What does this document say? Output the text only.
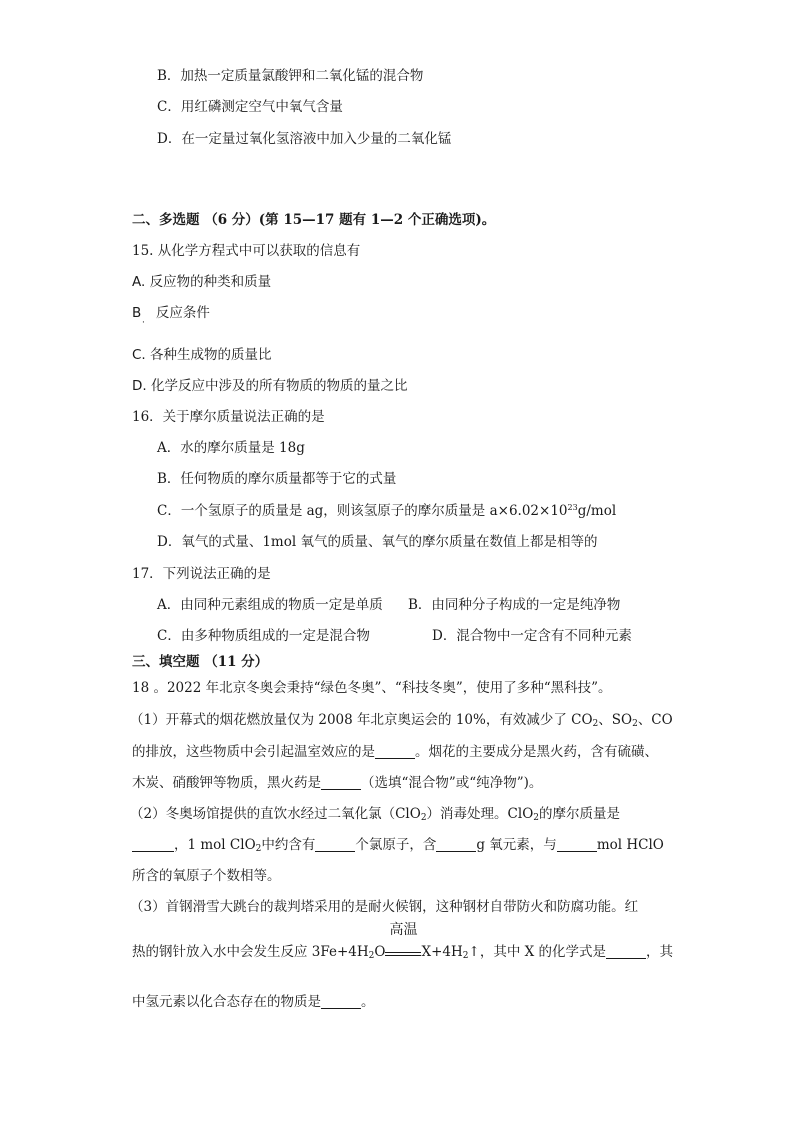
B．加热一定质量氯酸钾和二氧化锰的混合物
C．用红磷测定空气中氧气含量
D．在一定量过氧化氢溶液中加入少量的二氧化锰
二、多选题 （6 分）(第 15—17 题有 1—2 个正确选项)。
15. 从化学方程式中可以获取的信息有
A. 反应物的种类和质量
B 反应条件
·
C. 各种生成物的质量比
D. 化学反应中涉及的所有物质的物质的量之比
16．关于摩尔质量说法正确的是
A．水的摩尔质量是 18g
B．任何物质的摩尔质量都等于它的式量
C．一个氢原子的质量是 ag，则该氢原子的摩尔质量是 $a\times 6.02\times 10^{23}g$/mol
D．氧气的式量、1mol 氧气的质量、氧气的摩尔质量在数值上都是相等的
17．下列说法正确的是
A．由同种元素组成的物质一定是单质 B．由同种分子构成的一定是纯净物
C．由多种物质组成的一定是混合物	D．混合物中一定含有不同种元素
三、填空题 （11 分）
18 。2022 年北京冬奥会秉持“绿色冬奥”、“科技冬奥”，使用了多种“黑科技”。
（1）开幕式的烟花燃放量仅为 2008 年北京奥运会的 10%，有效减少了 $CO_2$、$SO_2$、CO
的排放，这些物质中会引起温室效应的是	。烟花的主要成分是黑火药，含有硫磺、
木炭、硝酸钾等物质，黑火药是	（选填“混合物”或“纯净物”)。
（2）冬奥场馆提供的直饮水经过二氧化氯（ClO$_2$）消毒处理。ClO$_2$的摩尔质量是
，1 mol ClO$_2$中约含有	个氯原子，含	g 氧元素，与	mol HClO
所含的氧原子个数相等。
（3）首钢滑雪大跳台的裁判塔采用的是耐火候钢，这种钢材自带防火和防腐功能。红
热的钢针放入水中会发生反应 $3Fe+4H_2O$
高温
$X+4H_2↑$，其中 X 的化学式是	，其
中氢元素以化合态存在的物质是	。
